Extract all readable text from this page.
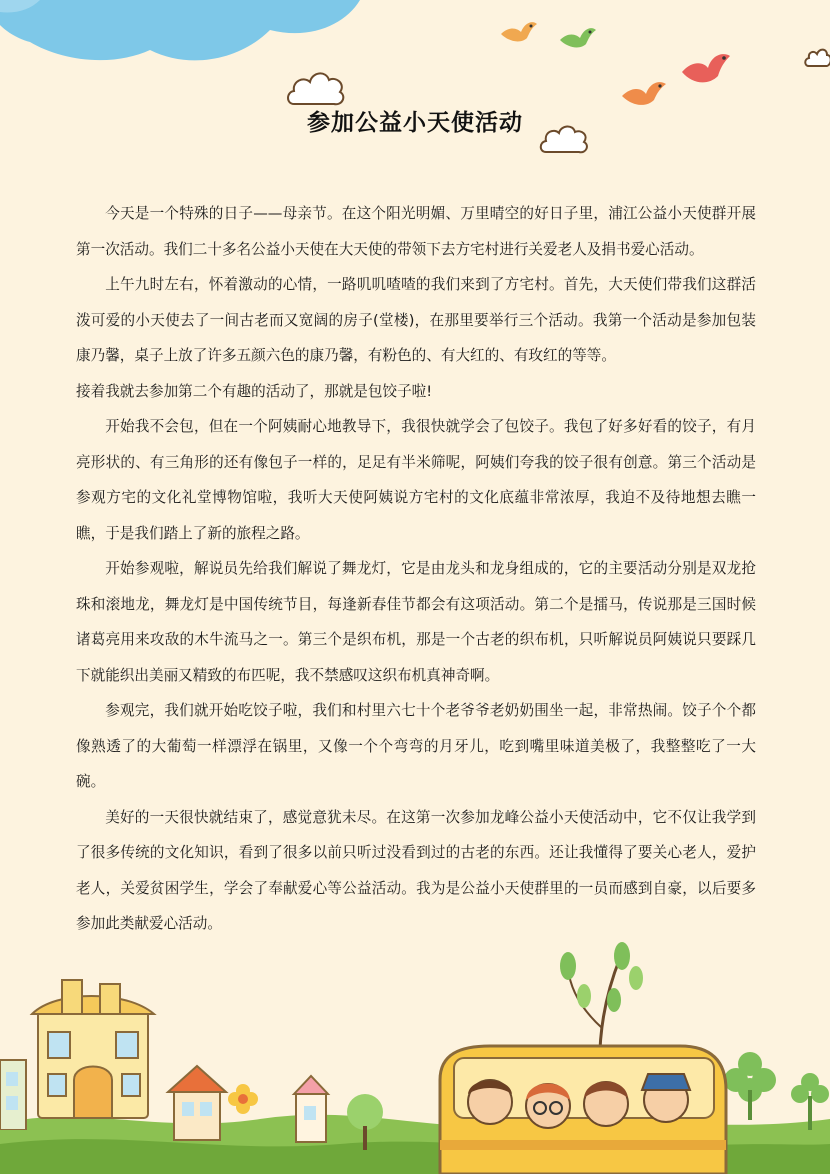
参加公益小天使活动

今天是一个特殊的日子——母亲节。在这个阳光明媚、万里晴空的好日子里，浦江公益小天使群开展第一次活动。我们二十多名公益小天使在大天使的带领下去方宅村进行关爱老人及捐书爱心活动。

上午九时左右，怀着激动的心情，一路叽叽喳喳的我们来到了方宅村。首先，大天使们带我们这群活泼可爱的小天使去了一间古老而又宽阔的房子(堂楼)，在那里要举行三个活动。我第一个活动是参加包装康乃馨，桌子上放了许多五颜六色的康乃馨，有粉色的、有大红的、有玫红的等等。

接着我就去参加第二个有趣的活动了，那就是包饺子啦!

开始我不会包，但在一个阿姨耐心地教导下，我很快就学会了包饺子。我包了好多好看的饺子，有月亮形状的、有三角形的还有像包子一样的，足足有半米筛呢，阿姨们夸我的饺子很有创意。第三个活动是参观方宅的文化礼堂博物馆啦，我听大天使阿姨说方宅村的文化底蕴非常浓厚，我迫不及待地想去瞧一瞧，于是我们踏上了新的旅程之路。

开始参观啦，解说员先给我们解说了舞龙灯，它是由龙头和龙身组成的，它的主要活动分别是双龙抢珠和滚地龙，舞龙灯是中国传统节目，每逢新春佳节都会有这项活动。第二个是擂马，传说那是三国时候诸葛亮用来攻敌的木牛流马之一。第三个是织布机，那是一个古老的织布机，只听解说员阿姨说只要踩几下就能织出美丽又精致的布匹呢，我不禁感叹这织布机真神奇啊。

参观完，我们就开始吃饺子啦，我们和村里六七十个老爷爷老奶奶围坐一起，非常热闹。饺子个个都像熟透了的大葡萄一样漂浮在锅里，又像一个个弯弯的月牙儿，吃到嘴里味道美极了，我整整吃了一大碗。

美好的一天很快就结束了，感觉意犹未尽。在这第一次参加龙峰公益小天使活动中，它不仅让我学到了很多传统的文化知识，看到了很多以前只听过没看到过的古老的东西。还让我懂得了要关心老人，爱护老人，关爱贫困学生，学会了奉献爱心等公益活动。我为是公益小天使群里的一员而感到自豪，以后要多参加此类献爱心活动。
